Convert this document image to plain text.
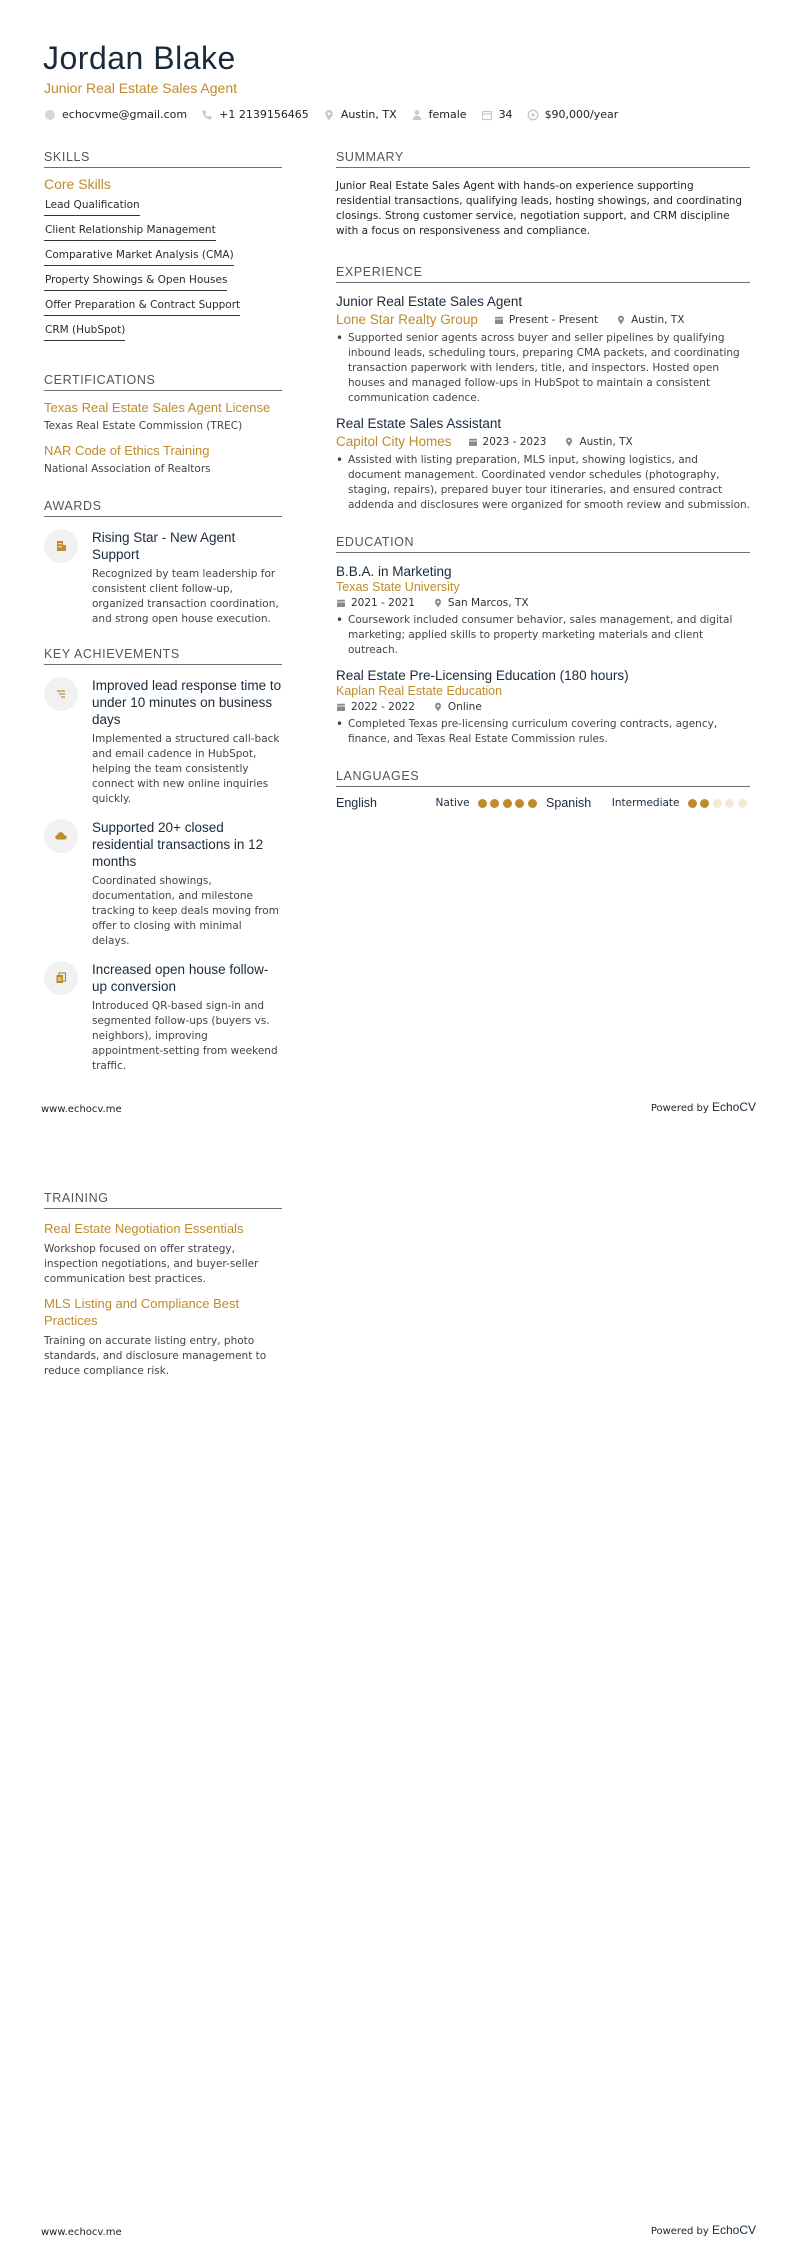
Jordan Blake
Junior Real Estate Sales Agent
echocvme@gmail.com	+1 2139156465	Austin, TX	female	34	$90,000/year
SKILLS
Core Skills
Lead Qualification
Client Relationship Management
Comparative Market Analysis (CMA)
Property Showings & Open Houses
Offer Preparation & Contract Support
CRM (HubSpot)
CERTIFICATIONS
Texas Real Estate Sales Agent License
Texas Real Estate Commission (TREC)
NAR Code of Ethics Training
National Association of Realtors
AWARDS
Rising Star - New Agent Support
Recognized by team leadership for consistent client follow-up, organized transaction coordination, and strong open house execution.
KEY ACHIEVEMENTS
Improved lead response time to under 10 minutes on business days
Implemented a structured call-back and email cadence in HubSpot, helping the team consistently connect with new online inquiries quickly.
Supported 20+ closed residential transactions in 12 months
Coordinated showings, documentation, and milestone tracking to keep deals moving from offer to closing with minimal delays.
Increased open house follow-up conversion
Introduced QR-based sign-in and segmented follow-ups (buyers vs. neighbors), improving appointment-setting from weekend traffic.
SUMMARY
Junior Real Estate Sales Agent with hands-on experience supporting residential transactions, qualifying leads, hosting showings, and coordinating closings. Strong customer service, negotiation support, and CRM discipline with a focus on responsiveness and compliance.
EXPERIENCE
Junior Real Estate Sales Agent
Lone Star Realty Group	Present - Present	Austin, TX
• Supported senior agents across buyer and seller pipelines by qualifying inbound leads, scheduling tours, preparing CMA packets, and coordinating transaction paperwork with lenders, title, and inspectors. Hosted open houses and managed follow-ups in HubSpot to maintain a consistent communication cadence.
Real Estate Sales Assistant
Capitol City Homes	2023 - 2023	Austin, TX
• Assisted with listing preparation, MLS input, showing logistics, and document management. Coordinated vendor schedules (photography, staging, repairs), prepared buyer tour itineraries, and ensured contract addenda and disclosures were organized for smooth review and submission.
EDUCATION
B.B.A. in Marketing
Texas State University
2021 - 2021	San Marcos, TX
• Coursework included consumer behavior, sales management, and digital marketing; applied skills to property marketing materials and client outreach.
Real Estate Pre-Licensing Education (180 hours)
Kaplan Real Estate Education
2022 - 2022	Online
• Completed Texas pre-licensing curriculum covering contracts, agency, finance, and Texas Real Estate Commission rules.
LANGUAGES
English	Native	Spanish	Intermediate
www.echocv.me	Powered by EchoCV
TRAINING
Real Estate Negotiation Essentials
Workshop focused on offer strategy, inspection negotiations, and buyer-seller communication best practices.
MLS Listing and Compliance Best Practices
Training on accurate listing entry, photo standards, and disclosure management to reduce compliance risk.
www.echocv.me	Powered by EchoCV
